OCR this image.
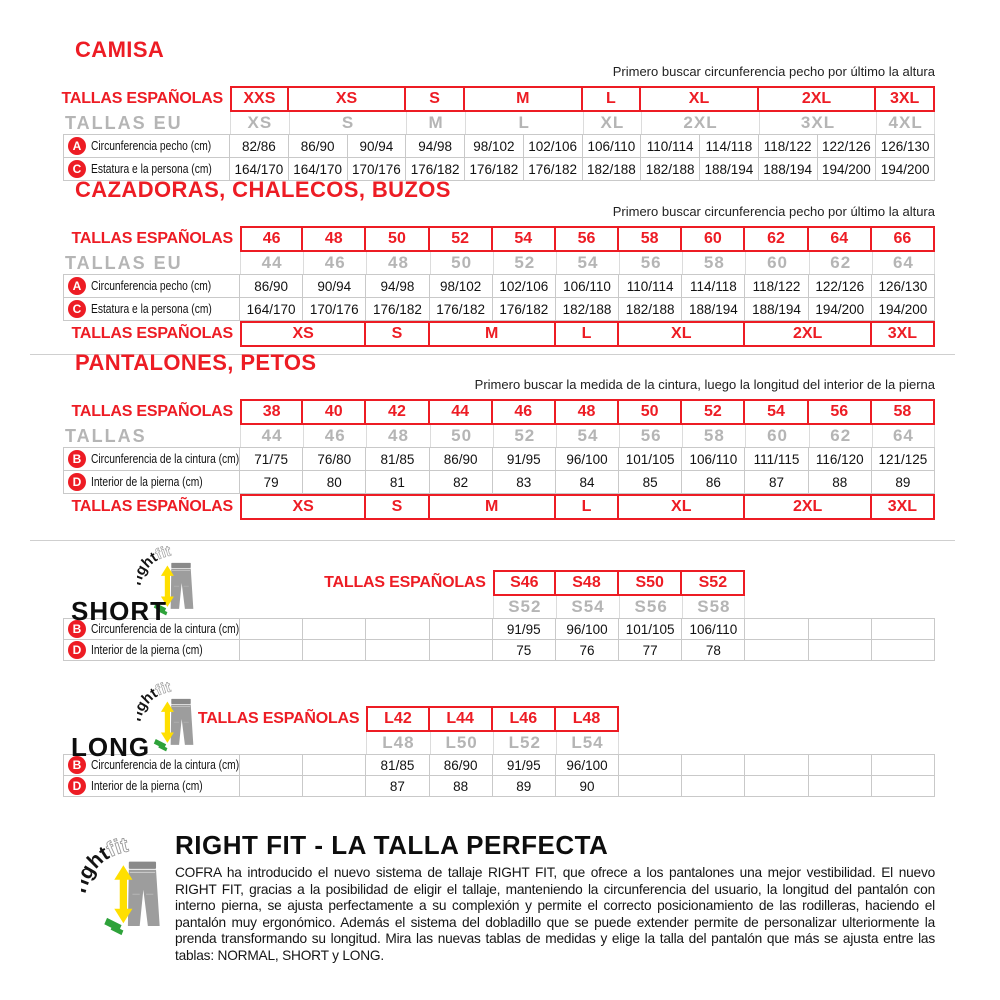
CAMISA
Primero buscar circunferencia pecho por último la altura
TALLAS ESPAÑOLAS	XXS	XS	S	M	L	XL	2XL	3XL
TALLAS EU	XS	S	M	L	XL	2XL	3XL	4XL
A Circunferencia pecho (cm)	82/86	86/90	90/94	94/98	98/102	102/106 106/110 110/114 114/118 118/122 122/126 126/130
C Estatura e la persona (cm)	164/170 164/170 170/176 176/182 176/182 176/182 182/188 182/188 188/194 188/194 194/200 194/200
CAZADORAS, CHALECOS, BUZOS
Primero buscar circunferencia pecho por último la altura
TALLAS ESPAÑOLAS	46	48	50	52	54	56	58	60	62	64	66
TALLAS EU	44	46	48	50	52	54	56	58	60	62	64
A Circunferencia pecho (cm)	86/90	90/94	94/98	98/102	102/106	106/110	110/114	114/118	118/122	122/126	126/130
C Estatura e la persona (cm)	164/170	170/176	176/182	176/182	176/182	182/188	182/188	188/194	188/194	194/200	194/200
TALLAS ESPAÑOLAS	XS	S	M	L	XL	2XL	3XL
PANTALONES, PETOS
Primero buscar la medida de la cintura, luego la longitud del interior de la pierna
TALLAS ESPAÑOLAS	38	40	42	44	46	48	50	52	54	56	58
TALLAS	44	46	48	50	52	54	56	58	60	62	64
B Circunferencia de la cintura (cm)	71/75	76/80	81/85	86/90	91/95	96/100	101/105	106/110	111/115	116/120	121/125
D Interior de la pierna (cm)	79	80	81	82	83	84	85	86	87	88	89
TALLAS ESPAÑOLAS	XS	S	M	L	XL	2XL	3XL
SHORT
TALLAS ESPAÑOLAS	S46	S48	S50	S52
S52	S54	S56	S58
B Circunferencia de la cintura (cm)	91/95	96/100	101/105	106/110
D Interior de la pierna (cm)	75	76	77	78
LONG
TALLAS ESPAÑOLAS	L42	L44	L46	L48
L48	L50	L52	L54
B Circunferencia de la cintura (cm)	81/85	86/90	91/95	96/100
D Interior de la pierna (cm)	87	88	89	90
RIGHT FIT - LA TALLA PERFECTA

COFRA ha introducido el nuevo sistema de tallaje RIGHT FIT, que ofrece a los pantalones una mejor vestibilidad. El nuevo RIGHT FIT, gracias a la posibilidad de eligir el tallaje, manteniendo la circunferencia del usuario, la longitud del pantalón con interno pierna, se ajusta perfectamente a su complexión y permite el correcto posicionamiento de las rodilleras, haciendo el pantalón muy ergonómico. Además el sistema del dobladillo que se puede extender permite de personalizar ulteriormente la prenda transformando su longitud. Mira las nuevas tablas de medidas y elige la talla del pantalón que más se ajusta entre las tablas: NORMAL, SHORT y LONG.
